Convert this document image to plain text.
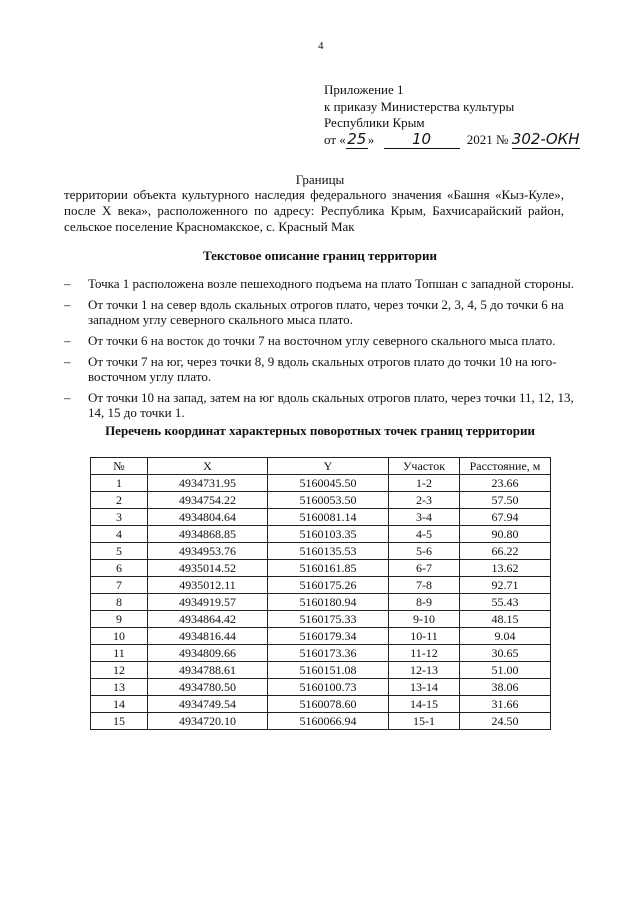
4
Приложение 1
к приказу Министерства культуры
Республики Крым
от «25»	10	2021 № 302-ОКН
Границы
территории объекта культурного наследия федерального значения «Башня «Кыз-Куле», после X века», расположенного по адресу: Республика Крым, Бахчисарайский район, сельское поселение Красномакское, с. Красный Мак
Текстовое описание границ территории
– Точка 1 расположена возле пешеходного подъема на плато Топшан с западной стороны.
– От точки 1 на север вдоль скальных отрогов плато, через точки 2, 3, 4, 5 до точки 6 на западном углу северного скального мыса плато.
– От точки 6 на восток до точки 7 на восточном углу северного скального мыса плато.
– От точки 7 на юг, через точки 8, 9 вдоль скальных отрогов плато до точки 10 на юго-восточном углу плато.
– От точки 10 на запад, затем на юг вдоль скальных отрогов плато, через точки 11, 12, 13, 14, 15 до точки 1.
Перечень координат характерных поворотных точек границ территории
№	X	Y	Участок	Расстояние, м
1	4934731.95	5160045.50	1-2	23.66
2	4934754.22	5160053.50	2-3	57.50
3	4934804.64	5160081.14	3-4	67.94
4	4934868.85	5160103.35	4-5	90.80
5	4934953.76	5160135.53	5-6	66.22
6	4935014.52	5160161.85	6-7	13.62
7	4935012.11	5160175.26	7-8	92.71
8	4934919.57	5160180.94	8-9	55.43
9	4934864.42	5160175.33	9-10	48.15
10	4934816.44	5160179.34	10-11	9.04
11	4934809.66	5160173.36	11-12	30.65
12	4934788.61	5160151.08	12-13	51.00
13	4934780.50	5160100.73	13-14	38.06
14	4934749.54	5160078.60	14-15	31.66
15	4934720.10	5160066.94	15-1	24.50
